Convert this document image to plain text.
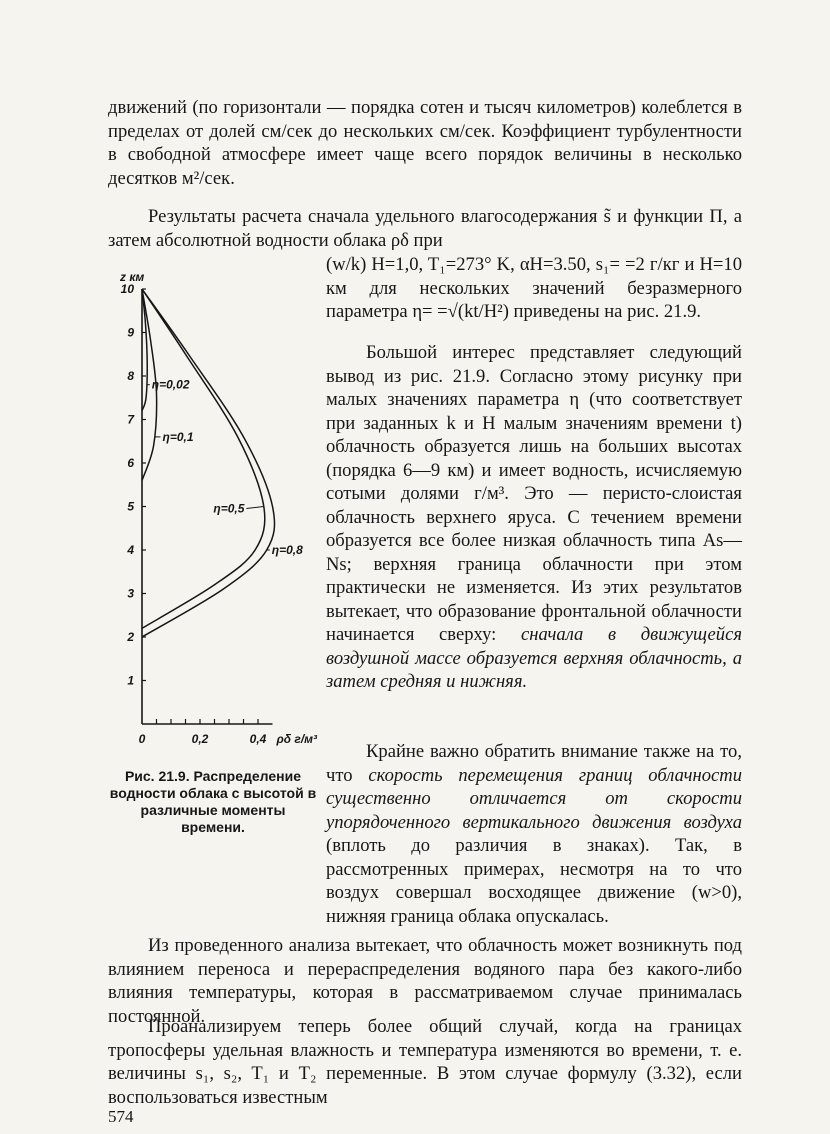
движений (по горизонтали — порядка сотен и тысяч километров) колеблется в пределах от долей см/сек до нескольких см/сек. Коэффициент турбулентности в свободной атмосфере имеет чаще всего порядок величины в несколько десятков м²/сек.

Результаты расчета сначала удельного влагосодержания s̃ и функции П, а затем абсолютной водности облака ρδ при

(w/k) H=1,0, T₁=273° K, αH=3.50, s₁= =2 г/кг и H=10 км для нескольких значений безразмерного параметра η= =√(kt/H²) приведены на рис. 21.9.

Большой интерес представляет следующий вывод из рис. 21.9. Согласно этому рисунку при малых значениях параметра η (что соответствует при заданных k и H малым значениям времени t) облачность образуется лишь на больших высотах (порядка 6—9 км) и имеет водность, исчисляемую сотыми долями г/м³. Это — перисто-слоистая облачность верхнего яруса. С течением времени образуется все более низкая облачность типа As—Ns; верхняя граница облачности при этом практически не изменяется. Из этих результатов вытекает, что образование фронтальной облачности начинается сверху: сначала в движущейся воздушной массе образуется верхняя облачность, а затем средняя и нижняя.

Крайне важно обратить внимание также на то, что скорость перемещения границ облачности существенно отличается от скорости упорядоченного вертикального движения воздуха (вплоть до различия в знаках). Так, в рассмотренных примерах, несмотря на то что воздух совершал восходящее движение (w>0), нижняя граница облака опускалась.

Из проведенного анализа вытекает, что облачность может возникнуть под влиянием переноса и перераспределения водяного пара без какого-либо влияния температуры, которая в рассматриваемом случае принималась постоянной.

Проанализируем теперь более общий случай, когда на границах тропосферы удельная влажность и температура изменяются во времени, т. е. величины s₁, s₂, T₁ и T₂ переменные. В этом случае формулу (3.32), если воспользоваться известным

1
2
3
4
5
6
7
8
9
10
0	0,2	0,4
z км
ρδ г/м³
η=0,02
η=0,1
η=0,5
η=0,8
Рис. 21.9. Распределение водности облака с высотой в различные моменты времени.
574
